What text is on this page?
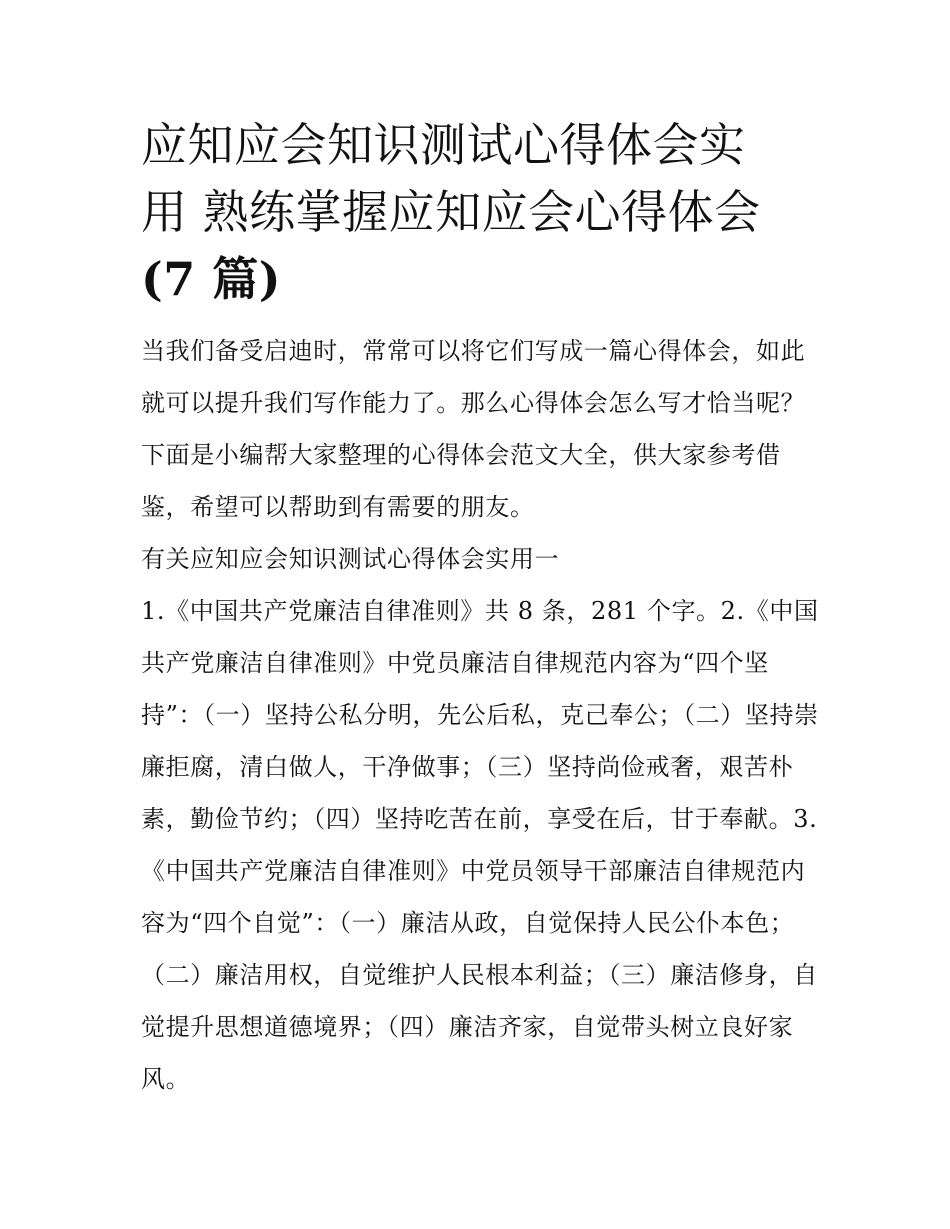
应知应会知识测试心得体会实
用 熟练掌握应知应会心得体会
(7 篇)

当我们备受启迪时，常常可以将它们写成一篇心得体会，如此就可以提升我们写作能力了。那么心得体会怎么写才恰当呢？下面是小编帮大家整理的心得体会范文大全，供大家参考借鉴，希望可以帮助到有需要的朋友。

有关应知应会知识测试心得体会实用一

1.《中国共产党廉洁自律准则》共 8 条，281 个字。2.《中国共产党廉洁自律准则》中党员廉洁自律规范内容为“四个坚持”：（一）坚持公私分明，先公后私，克己奉公；（二）坚持崇廉拒腐，清白做人，干净做事；（三）坚持尚俭戒奢，艰苦朴素，勤俭节约；（四）坚持吃苦在前，享受在后，甘于奉献。3.《中国共产党廉洁自律准则》中党员领导干部廉洁自律规范内容为“四个自觉”：（一）廉洁从政，自觉保持人民公仆本色；（二）廉洁用权，自觉维护人民根本利益；（三）廉洁修身，自觉提升思想道德境界；（四）廉洁齐家，自觉带头树立良好家风。
